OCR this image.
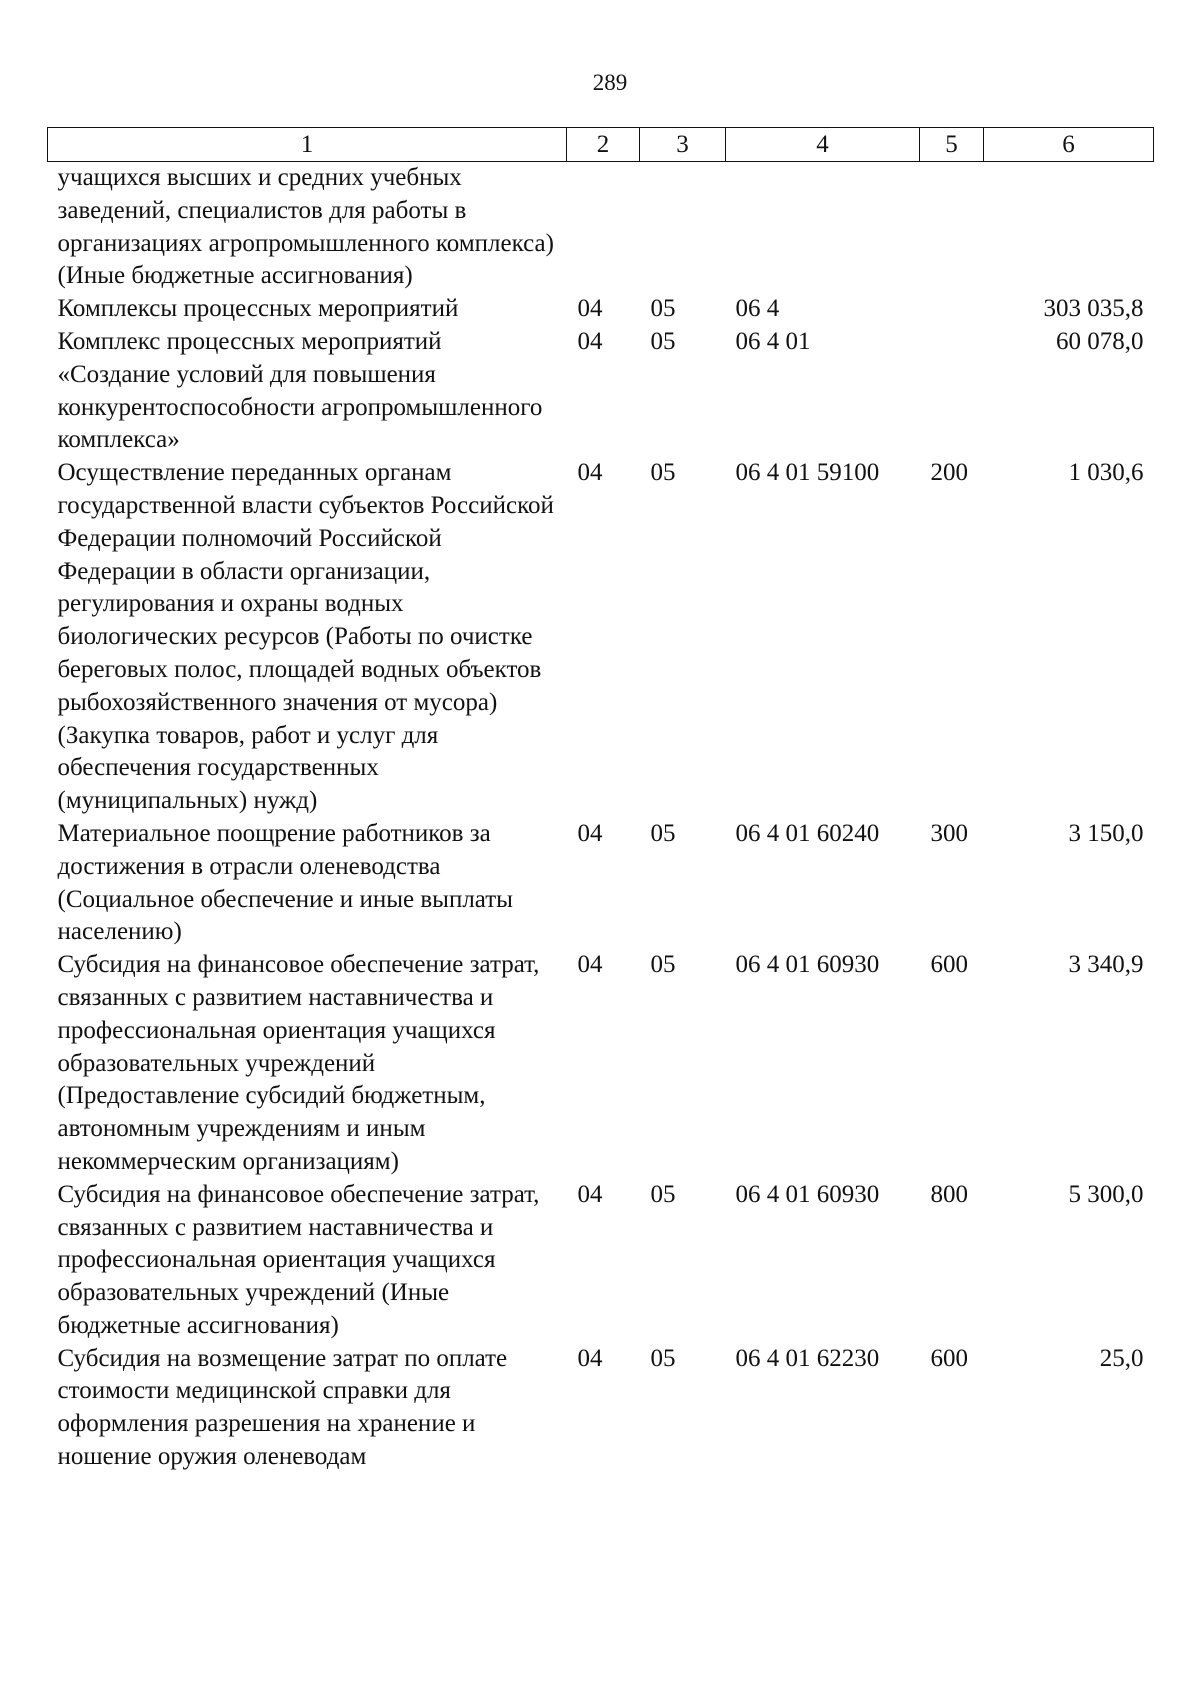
289
1	2	3	4	5	6
учащихся высших и средних учебных заведений, специалистов для работы в организациях агропромышленного комплекса) (Иные бюджетные ассигнования)					
Комплексы процессных мероприятий	04	05	06 4		303 035,8
Комплекс процессных мероприятий «Создание условий для повышения конкурентоспособности агропромышленного комплекса»	04	05	06 4 01		60 078,0
Осуществление переданных органам государственной власти субъектов Российской Федерации полномочий Российской Федерации в области организации, регулирования и охраны водных биологических ресурсов (Работы по очистке береговых полос, площадей водных объектов рыбохозяйственного значения от мусора) (Закупка товаров, работ и услуг для обеспечения государственных (муниципальных) нужд)	04	05	06 4 01 59100	200	1 030,6
Материальное поощрение работников за достижения в отрасли оленеводства (Социальное обеспечение и иные выплаты населению)	04	05	06 4 01 60240	300	3 150,0
Субсидия на финансовое обеспечение затрат, связанных с развитием наставничества и профессиональная ориентация учащихся образовательных учреждений (Предоставление субсидий бюджетным, автономным учреждениям и иным некоммерческим организациям)	04	05	06 4 01 60930	600	3 340,9
Субсидия на финансовое обеспечение затрат, связанных с развитием наставничества и профессиональная ориентация учащихся образовательных учреждений (Иные бюджетные ассигнования)	04	05	06 4 01 60930	800	5 300,0
Субсидия на возмещение затрат по оплате стоимости медицинской справки для оформления разрешения на хранение и ношение оружия оленеводам	04	05	06 4 01 62230	600	25,0
